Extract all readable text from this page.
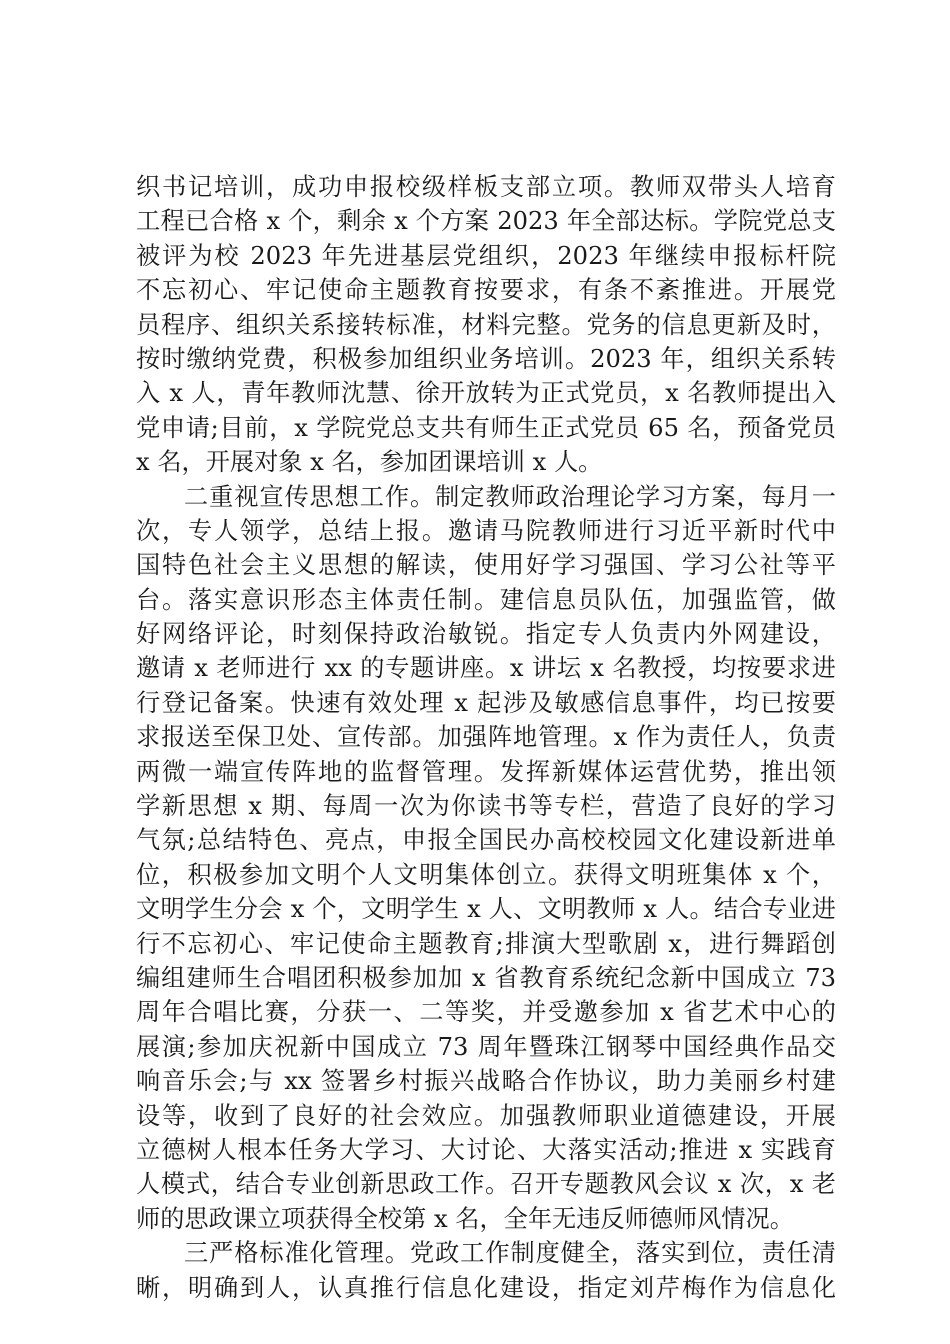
织书记培训，成功申报校级样板支部立项。教师双带头人培育
工程已合格 x 个，剩余 x 个方案 2023 年全部达标。学院党总支
被评为校 2023 年先进基层党组织，2023 年继续申报标杆院
不忘初心、牢记使命主题教育按要求，有条不紊推进。开展党
员程序、组织关系接转标准，材料完整。党务的信息更新及时，
按时缴纳党费，积极参加组织业务培训。2023 年，组织关系转
入 x 人，青年教师沈慧、徐开放转为正式党员，x 名教师提出入
党申请;目前，x 学院党总支共有师生正式党员 65 名，预备党员
x 名，开展对象 x 名，参加团课培训 x 人。
二重视宣传思想工作。制定教师政治理论学习方案，每月一
次，专人领学，总结上报。邀请马院教师进行习近平新时代中
国特色社会主义思想的解读，使用好学习强国、学习公社等平
台。落实意识形态主体责任制。建信息员队伍，加强监管，做
好网络评论，时刻保持政治敏锐。指定专人负责内外网建设，
邀请 x 老师进行 xx 的专题讲座。x 讲坛 x 名教授，均按要求进
行登记备案。快速有效处理 x 起涉及敏感信息事件，均已按要
求报送至保卫处、宣传部。加强阵地管理。x 作为责任人，负责
两微一端宣传阵地的监督管理。发挥新媒体运营优势，推出领
学新思想 x 期、每周一次为你读书等专栏，营造了良好的学习
气氛;总结特色、亮点，申报全国民办高校校园文化建设新进单
位，积极参加文明个人文明集体创立。获得文明班集体 x 个，
文明学生分会 x 个，文明学生 x 人、文明教师 x 人。结合专业进
行不忘初心、牢记使命主题教育;排演大型歌剧 x，进行舞蹈创
编组建师生合唱团积极参加加 x 省教育系统纪念新中国成立 73
周年合唱比赛，分获一、二等奖，并受邀参加 x 省艺术中心的
展演;参加庆祝新中国成立 73 周年暨珠江钢琴中国经典作品交
响音乐会;与 xx 签署乡村振兴战略合作协议，助力美丽乡村建
设等，收到了良好的社会效应。加强教师职业道德建设，开展
立德树人根本任务大学习、大讨论、大落实活动;推进 x 实践育
人模式，结合专业创新思政工作。召开专题教风会议 x 次，x 老
师的思政课立项获得全校第 x 名，全年无违反师德师风情况。
三严格标准化管理。党政工作制度健全，落实到位，责任清
晰，明确到人，认真推行信息化建设，指定刘芹梅作为信息化
